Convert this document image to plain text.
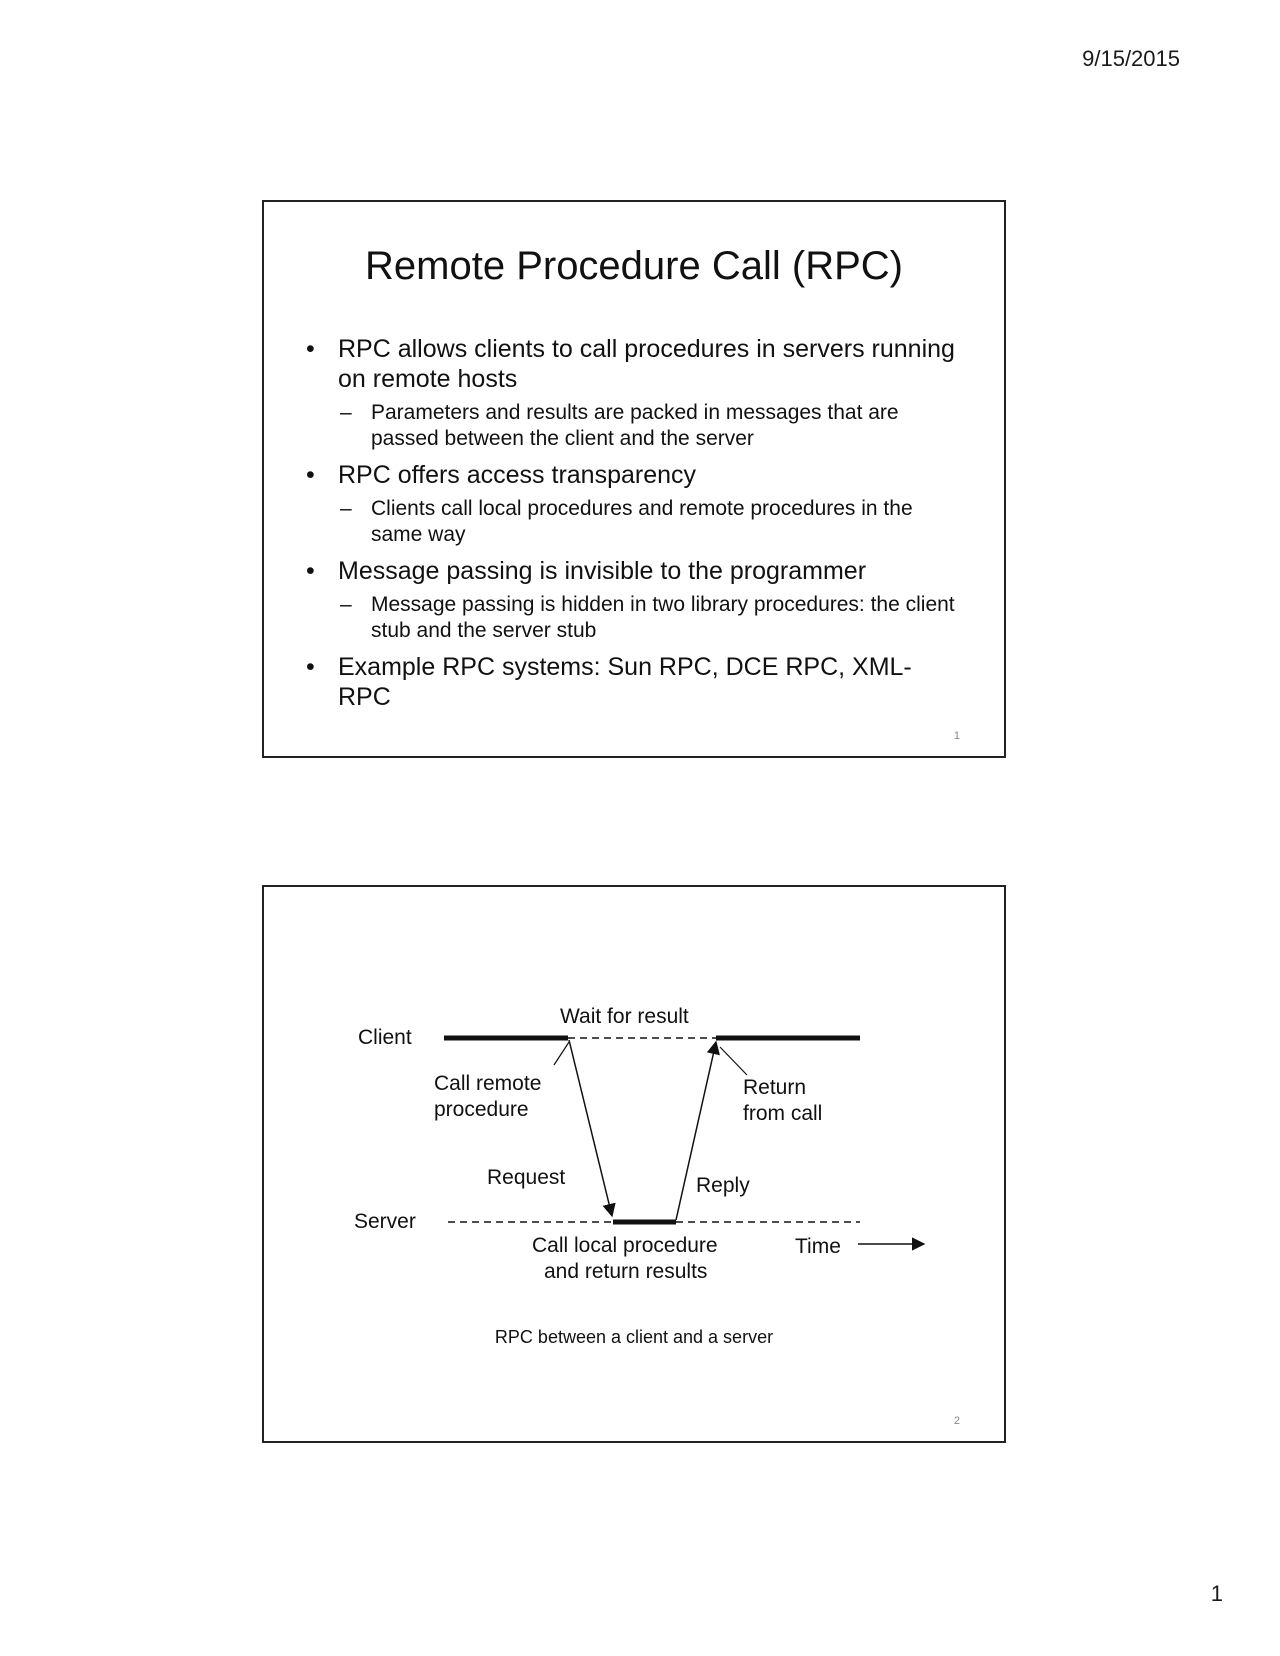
9/15/2015
Remote Procedure Call (RPC)
• RPC allows clients to call procedures in servers running on remote hosts
– Parameters and results are packed in messages that are passed between the client and the server
• RPC offers access transparency
– Clients call local procedures and remote procedures in the same way
• Message passing is invisible to the programmer
– Message passing is hidden in two library procedures: the client stub and the server stub
• Example RPC systems: Sun RPC, DCE RPC, XML-RPC
1
Client
Server
Wait for result
Call remote
procedure
Return
from call
Request	Reply
Call local procedure
and return results
Time
RPC between a client and a server
2
1
